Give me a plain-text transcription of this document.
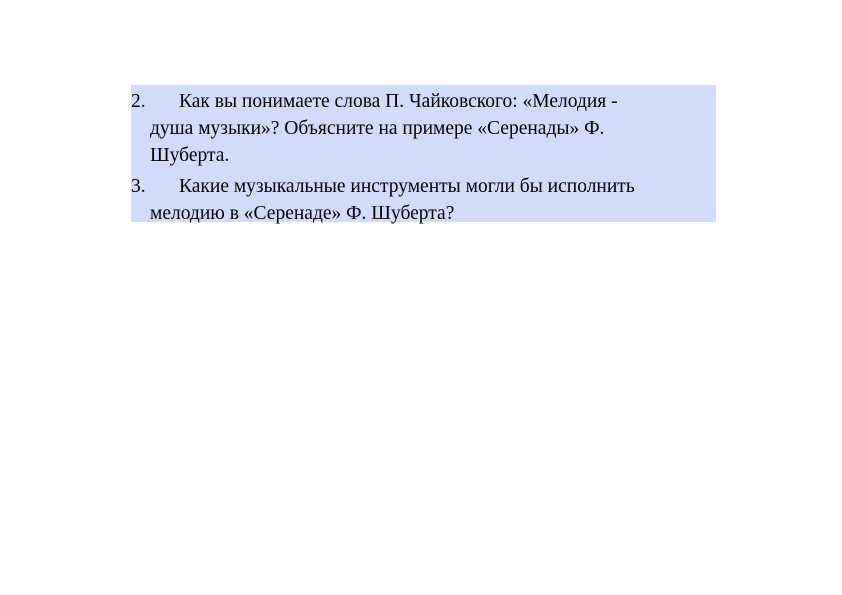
2.	Как вы понимаете слова П. Чайковского: «Мелодия -
душа музыки»? Объясните на примере «Серенады» Ф.
Шуберта.
3.	Какие музыкальные инструменты могли бы исполнить
мелодию в «Серенаде» Ф. Шуберта?
